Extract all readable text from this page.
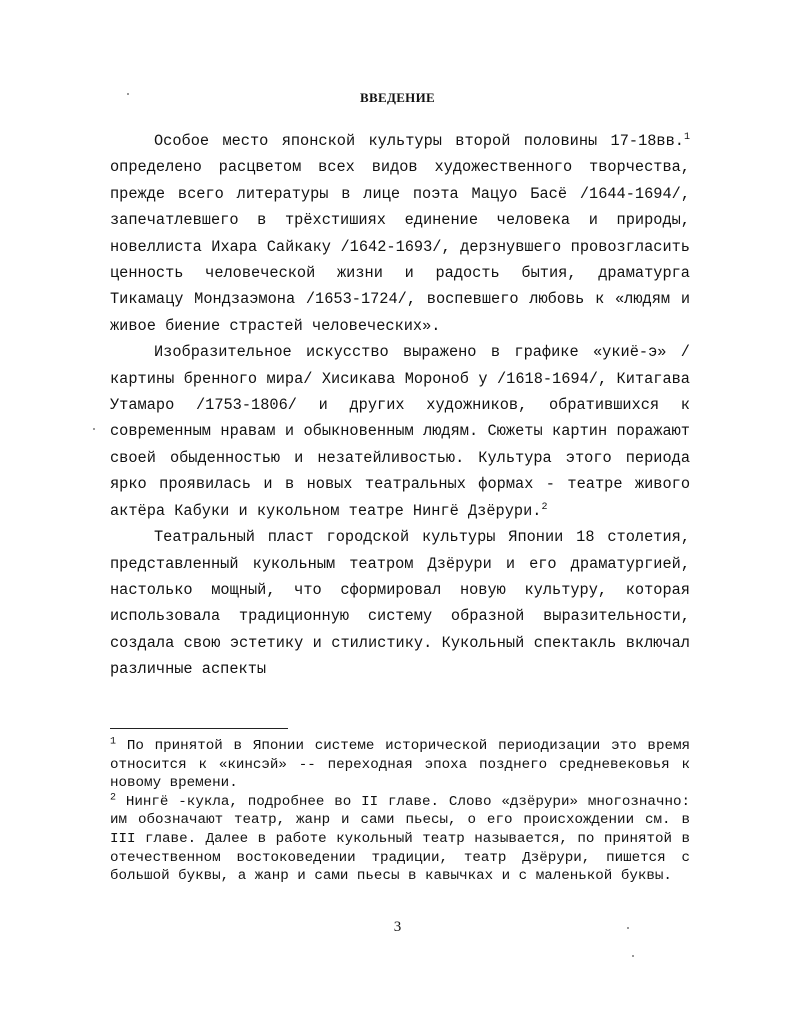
ВВЕДЕНИЕ

Особое место японской культуры второй половины 17-18вв.$^1$ определено расцветом всех видов художественного творчества, прежде всего литературы в лице поэта Мацуо Басё /1644-1694/, запечатлевшего в трёхстишиях единение человека и природы, новеллиста Ихара Сайкаку /1642-1693/, дерзнувшего провозгласить ценность человеческой жизни и радость бытия, драматурга Тикамацу Мондзаэмона /1653-1724/, воспевшего любовь к «людям и живое биение страстей человеческих».

Изобразительное искусство выражено в графике «укиё-э» /картины бренного мира/ Хисикава Мороноб у /1618-1694/, Китагава Утамаро /1753-1806/ и других художников, обратившихся к современным нравам и обыкновенным людям. Сюжеты картин поражают своей обыденностью и незатейливостью. Культура этого периода ярко проявилась и в новых театральных формах - театре живого актёра Кабуки и кукольном театре Нингё Дзёрури.$^2$

Театральный пласт городской культуры Японии 18 столетия, представленный кукольным театром Дзёрури и его драматургией, настолько мощный, что сформировал новую культуру, которая использовала традиционную систему образной выразительности, создала свою эстетику и стилистику. Кукольный спектакль включал различные аспекты

$^1$ По принятой в Японии системе исторической периодизации это время относится к «кинсэй» -- переходная эпоха позднего средневековья к новому времени.

$^2$ Нингё -кукла, подробнее во II главе. Слово «дзёрури» многозначно: им обозначают театр, жанр и сами пьесы, о его происхождении см. в III главе. Далее в работе кукольный театр называется, по принятой в отечественном востоковедении традиции, театр Дзёрури, пишется с большой буквы, а жанр и сами пьесы в кавычках и с маленькой буквы.

3
